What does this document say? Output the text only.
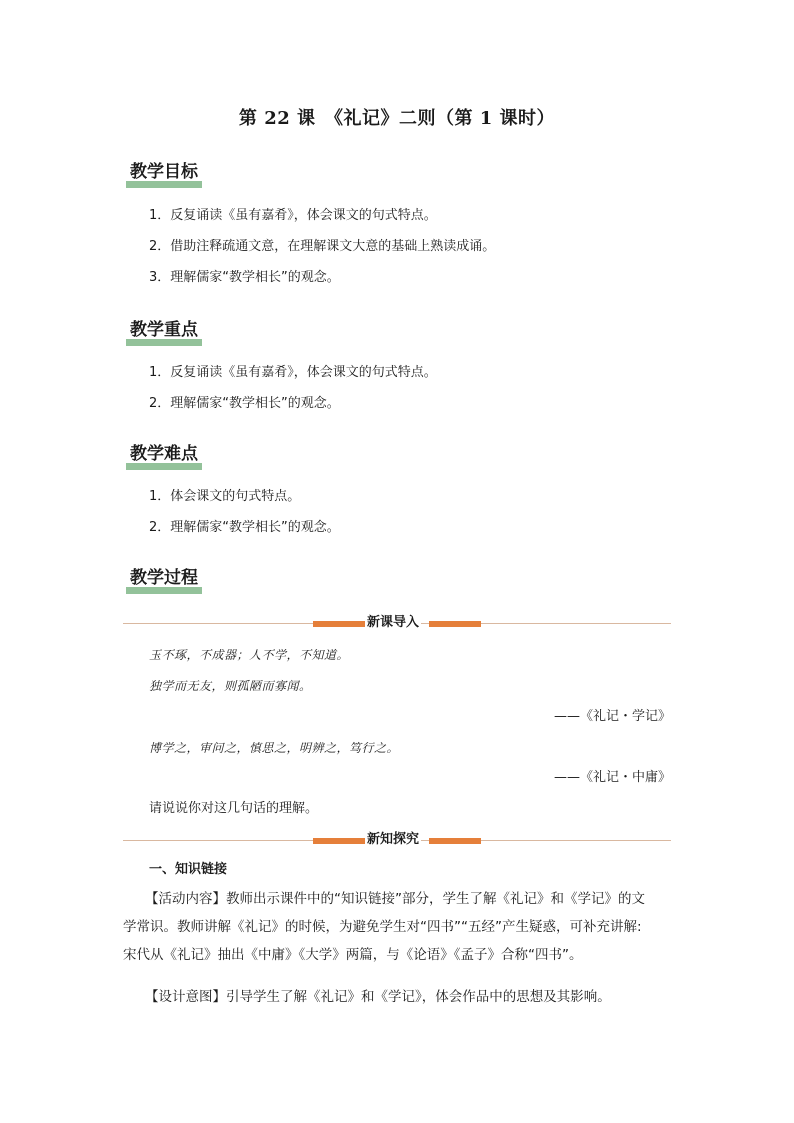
第 22 课　《礼记》二则（第 1 课时）
教学目标
1．反复诵读《虽有嘉肴》，体会课文的句式特点。
2．借助注释疏通文意，在理解课文大意的基础上熟读成诵。
3．理解儒家“教学相长”的观念。
教学重点
1．反复诵读《虽有嘉肴》，体会课文的句式特点。
2．理解儒家“教学相长”的观念。
教学难点
1．体会课文的句式特点。
2．理解儒家“教学相长”的观念。
教学过程
新课导入
玉不琢，不成器；人不学，不知道。
独学而无友，则孤陋而寡闻。
——《礼记・学记》
博学之，审问之，慎思之，明辨之，笃行之。
——《礼记・中庸》
请说说你对这几句话的理解。
新知探究
一、知识链接
【活动内容】教师出示课件中的“知识链接”部分，学生了解《礼记》和《学记》的文
学常识。教师讲解《礼记》的时候，为避免学生对“四书”“五经”产生疑惑，可补充讲解:
宋代从《礼记》抽出《中庸》《大学》两篇，与《论语》《孟子》合称“四书”。
【设计意图】引导学生了解《礼记》和《学记》，体会作品中的思想及其影响。
